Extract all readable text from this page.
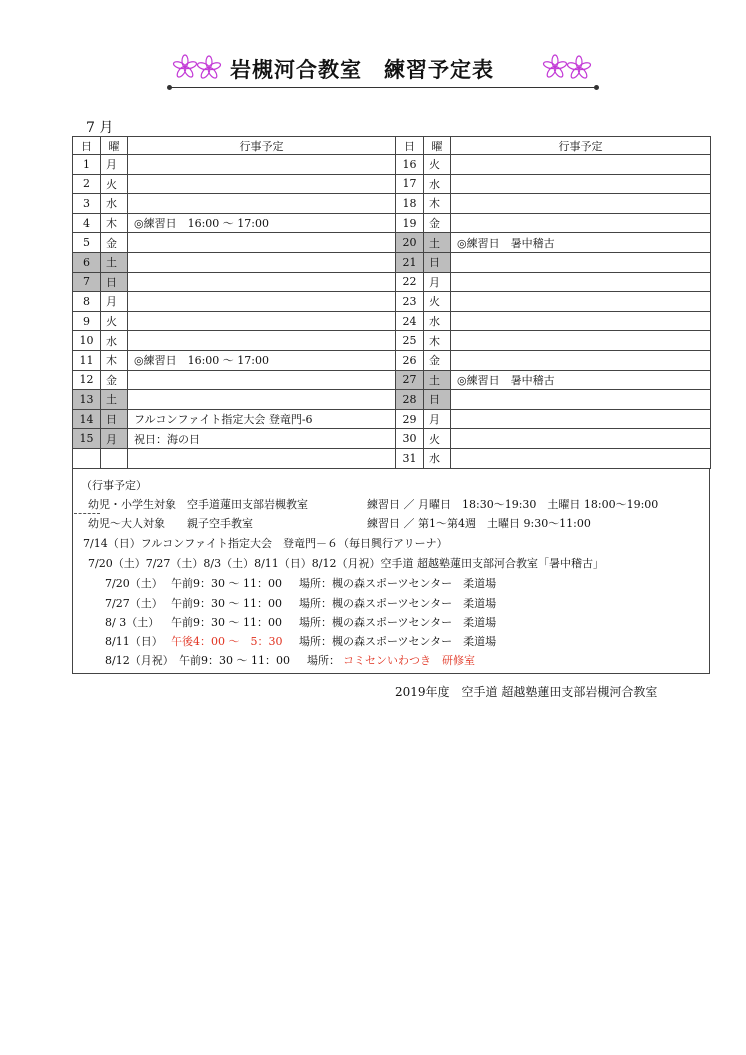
岩槻河合教室 練習予定表
7 月
日	曜	行事予定	日	曜	行事予定
1	月		16	火	
2	火		17	水	
3	水		18	木	
4	木	◎練習日　16:00 〜 17:00	19	金	
5	金		20	土	◎練習日　暑中稽古
6	土		21	日	
7	日		22	月	
8	月		23	火	
9	火		24	水	
10	水		25	木	
11	木	◎練習日　16:00 〜 17:00	26	金	
12	金		27	土	◎練習日　暑中稽古
13	土		28	日	
14	日	フルコンファイト指定大会 登竜門-6	29	月	
15	月	祝日：海の日	30	火	
			31	水	
（行事予定）
幼児・小学生対象　空手道蓮田支部岩槻教室	練習日 ／ 月曜日　18:30〜19:30　土曜日 18:00〜19:00
幼児〜大人対象　　親子空手教室	練習日 ／ 第1〜第4週　土曜日 9:30〜11:00
7/14（日）フルコンファイト指定大会　登竜門－６（毎日興行アリーナ）
7/20（土）7/27（土）8/3（土）8/11（日）8/12（月祝）空手道 超越塾蓮田支部河合教室「暑中稽古」
7/20（土） 午前9：30 〜 11：00 場所：槻の森スポーツセンター　柔道場
7/27（土） 午前9：30 〜 11：00 場所：槻の森スポーツセンター　柔道場
8/ 3（土） 午前9：30 〜 11：00 場所：槻の森スポーツセンター　柔道場
8/11（日） 午後4：00 〜　5：30 場所：槻の森スポーツセンター　柔道場
8/12（月祝） 午前9：30 〜 11：00 場所： コミセンいわつき　研修室
2019年度　空手道 超越塾蓮田支部岩槻河合教室
